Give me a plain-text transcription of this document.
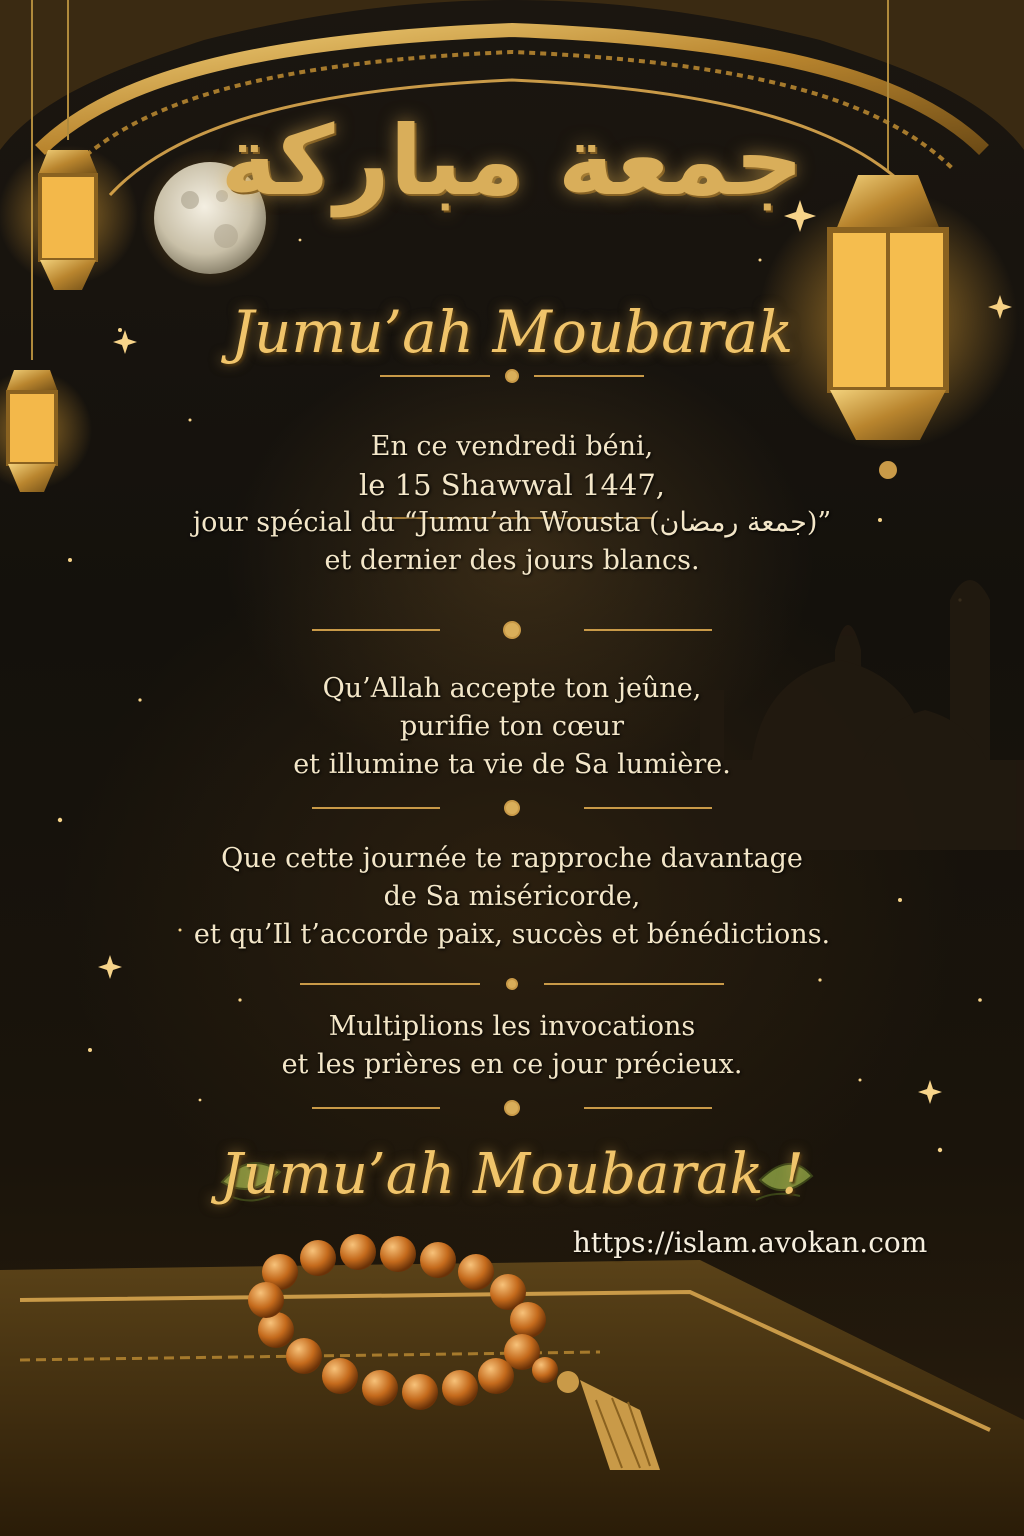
جمعة مباركة
Jumu’ah Moubarak
En ce vendredi béni,
le 15 Shawwal 1447,
jour spécial du “Jumu’ah Wousta (جمعة رمضان)”
et dernier des jours blancs.
Qu’Allah accepte ton jeûne,
purifie ton cœur
et illumine ta vie de Sa lumière.
Que cette journée te rapproche davantage
de Sa miséricorde,
et qu’Il t’accorde paix, succès et bénédictions.
Multiplions les invocations
et les prières en ce jour précieux.
Jumu’ah Moubarak !
https://islam.avokan.com
